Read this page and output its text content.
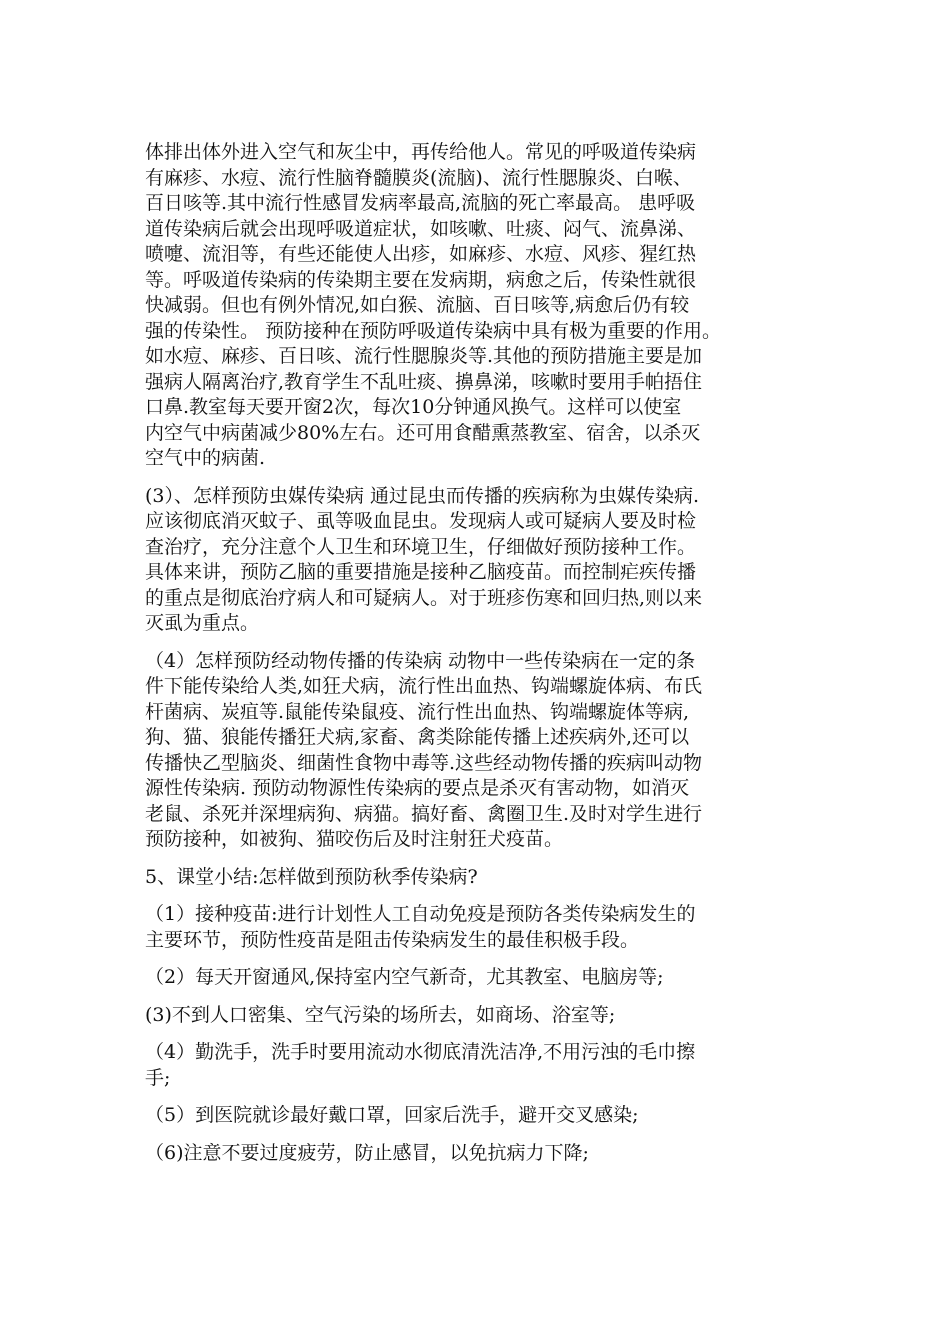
体排出体外进入空气和灰尘中，再传给他人。常见的呼吸道传染病
有麻疹、水痘、流行性脑脊髓膜炎(流脑)、流行性腮腺炎、白喉、
百日咳等.其中流行性感冒发病率最高,流脑的死亡率最高。 患呼吸
道传染病后就会出现呼吸道症状，如咳嗽、吐痰、闷气、流鼻涕、
喷嚏、流泪等，有些还能使人出疹，如麻疹、水痘、风疹、猩红热
等。呼吸道传染病的传染期主要在发病期，病愈之后，传染性就很
快减弱。但也有例外情况,如白猴、流脑、百日咳等,病愈后仍有较
强的传染性。 预防接种在预防呼吸道传染病中具有极为重要的作用。
如水痘、麻疹、百日咳、流行性腮腺炎等.其他的预防措施主要是加
强病人隔离治疗,教育学生不乱吐痰、擤鼻涕，咳嗽时要用手帕捂住
口鼻.教室每天要开窗2次，每次10分钟通风换气。这样可以使室
内空气中病菌减少80%左右。还可用食醋熏蒸教室、宿舍，以杀灭
空气中的病菌.

(3）、怎样预防虫媒传染病 通过昆虫而传播的疾病称为虫媒传染病.
应该彻底消灭蚊子、虱等吸血昆虫。发现病人或可疑病人要及时检
查治疗，充分注意个人卫生和环境卫生，仔细做好预防接种工作。
具体来讲，预防乙脑的重要措施是接种乙脑疫苗。而控制疟疾传播
的重点是彻底治疗病人和可疑病人。对于班疹伤寒和回归热,则以来
灭虱为重点。

（4）怎样预防经动物传播的传染病 动物中一些传染病在一定的条
件下能传染给人类,如狂犬病，流行性出血热、钩端螺旋体病、布氏
杆菌病、炭疽等.鼠能传染鼠疫、流行性出血热、钩端螺旋体等病,
狗、猫、狼能传播狂犬病,家畜、禽类除能传播上述疾病外,还可以
传播快乙型脑炎、细菌性食物中毒等.这些经动物传播的疾病叫动物
源性传染病. 预防动物源性传染病的要点是杀灭有害动物，如消灭
老鼠、杀死并深埋病狗、病猫。搞好畜、禽圈卫生.及时对学生进行
预防接种，如被狗、猫咬伤后及时注射狂犬疫苗。

5、课堂小结:怎样做到预防秋季传染病?

（1）接种疫苗:进行计划性人工自动免疫是预防各类传染病发生的
主要环节，预防性疫苗是阻击传染病发生的最佳积极手段。

（2）每天开窗通风,保持室内空气新奇，尤其教室、电脑房等;

(3)不到人口密集、空气污染的场所去，如商场、浴室等;

（4）勤洗手，洗手时要用流动水彻底清洗洁净,不用污浊的毛巾擦
手;

（5）到医院就诊最好戴口罩，回家后洗手，避开交叉感染;

（6)注意不要过度疲劳，防止感冒，以免抗病力下降;
